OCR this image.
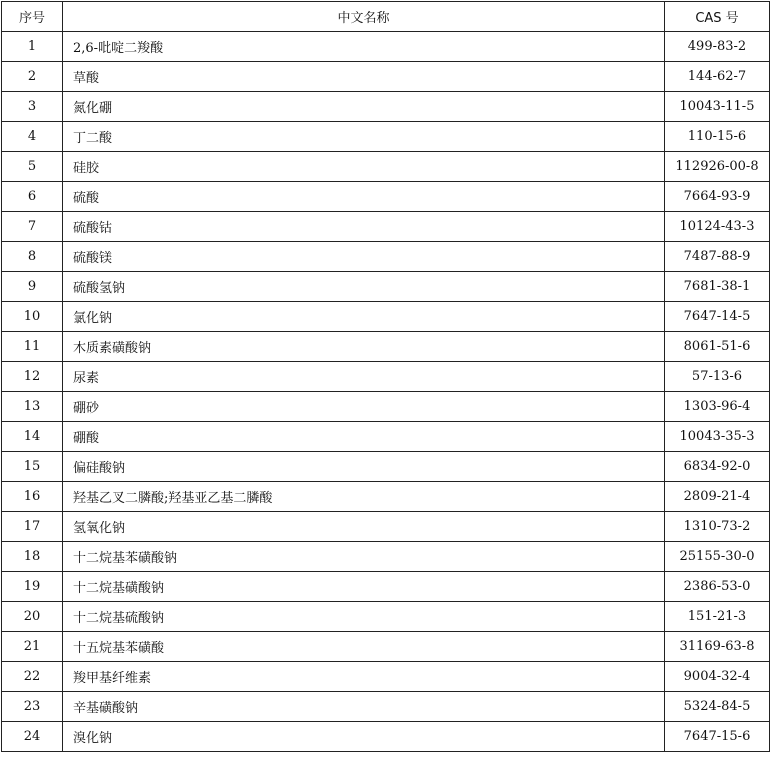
序号	中文名称	CAS 号
1	2,6-吡啶二羧酸	499-83-2
2	草酸	144-62-7
3	氮化硼	10043-11-5
4	丁二酸	110-15-6
5	硅胶	112926-00-8
6	硫酸	7664-93-9
7	硫酸钴	10124-43-3
8	硫酸镁	7487-88-9
9	硫酸氢钠	7681-38-1
10	氯化钠	7647-14-5
11	木质素磺酸钠	8061-51-6
12	尿素	57-13-6
13	硼砂	1303-96-4
14	硼酸	10043-35-3
15	偏硅酸钠	6834-92-0
16	羟基乙叉二膦酸;羟基亚乙基二膦酸	2809-21-4
17	氢氧化钠	1310-73-2
18	十二烷基苯磺酸钠	25155-30-0
19	十二烷基磺酸钠	2386-53-0
20	十二烷基硫酸钠	151-21-3
21	十五烷基苯磺酸	31169-63-8
22	羧甲基纤维素	9004-32-4
23	辛基磺酸钠	5324-84-5
24	溴化钠	7647-15-6
